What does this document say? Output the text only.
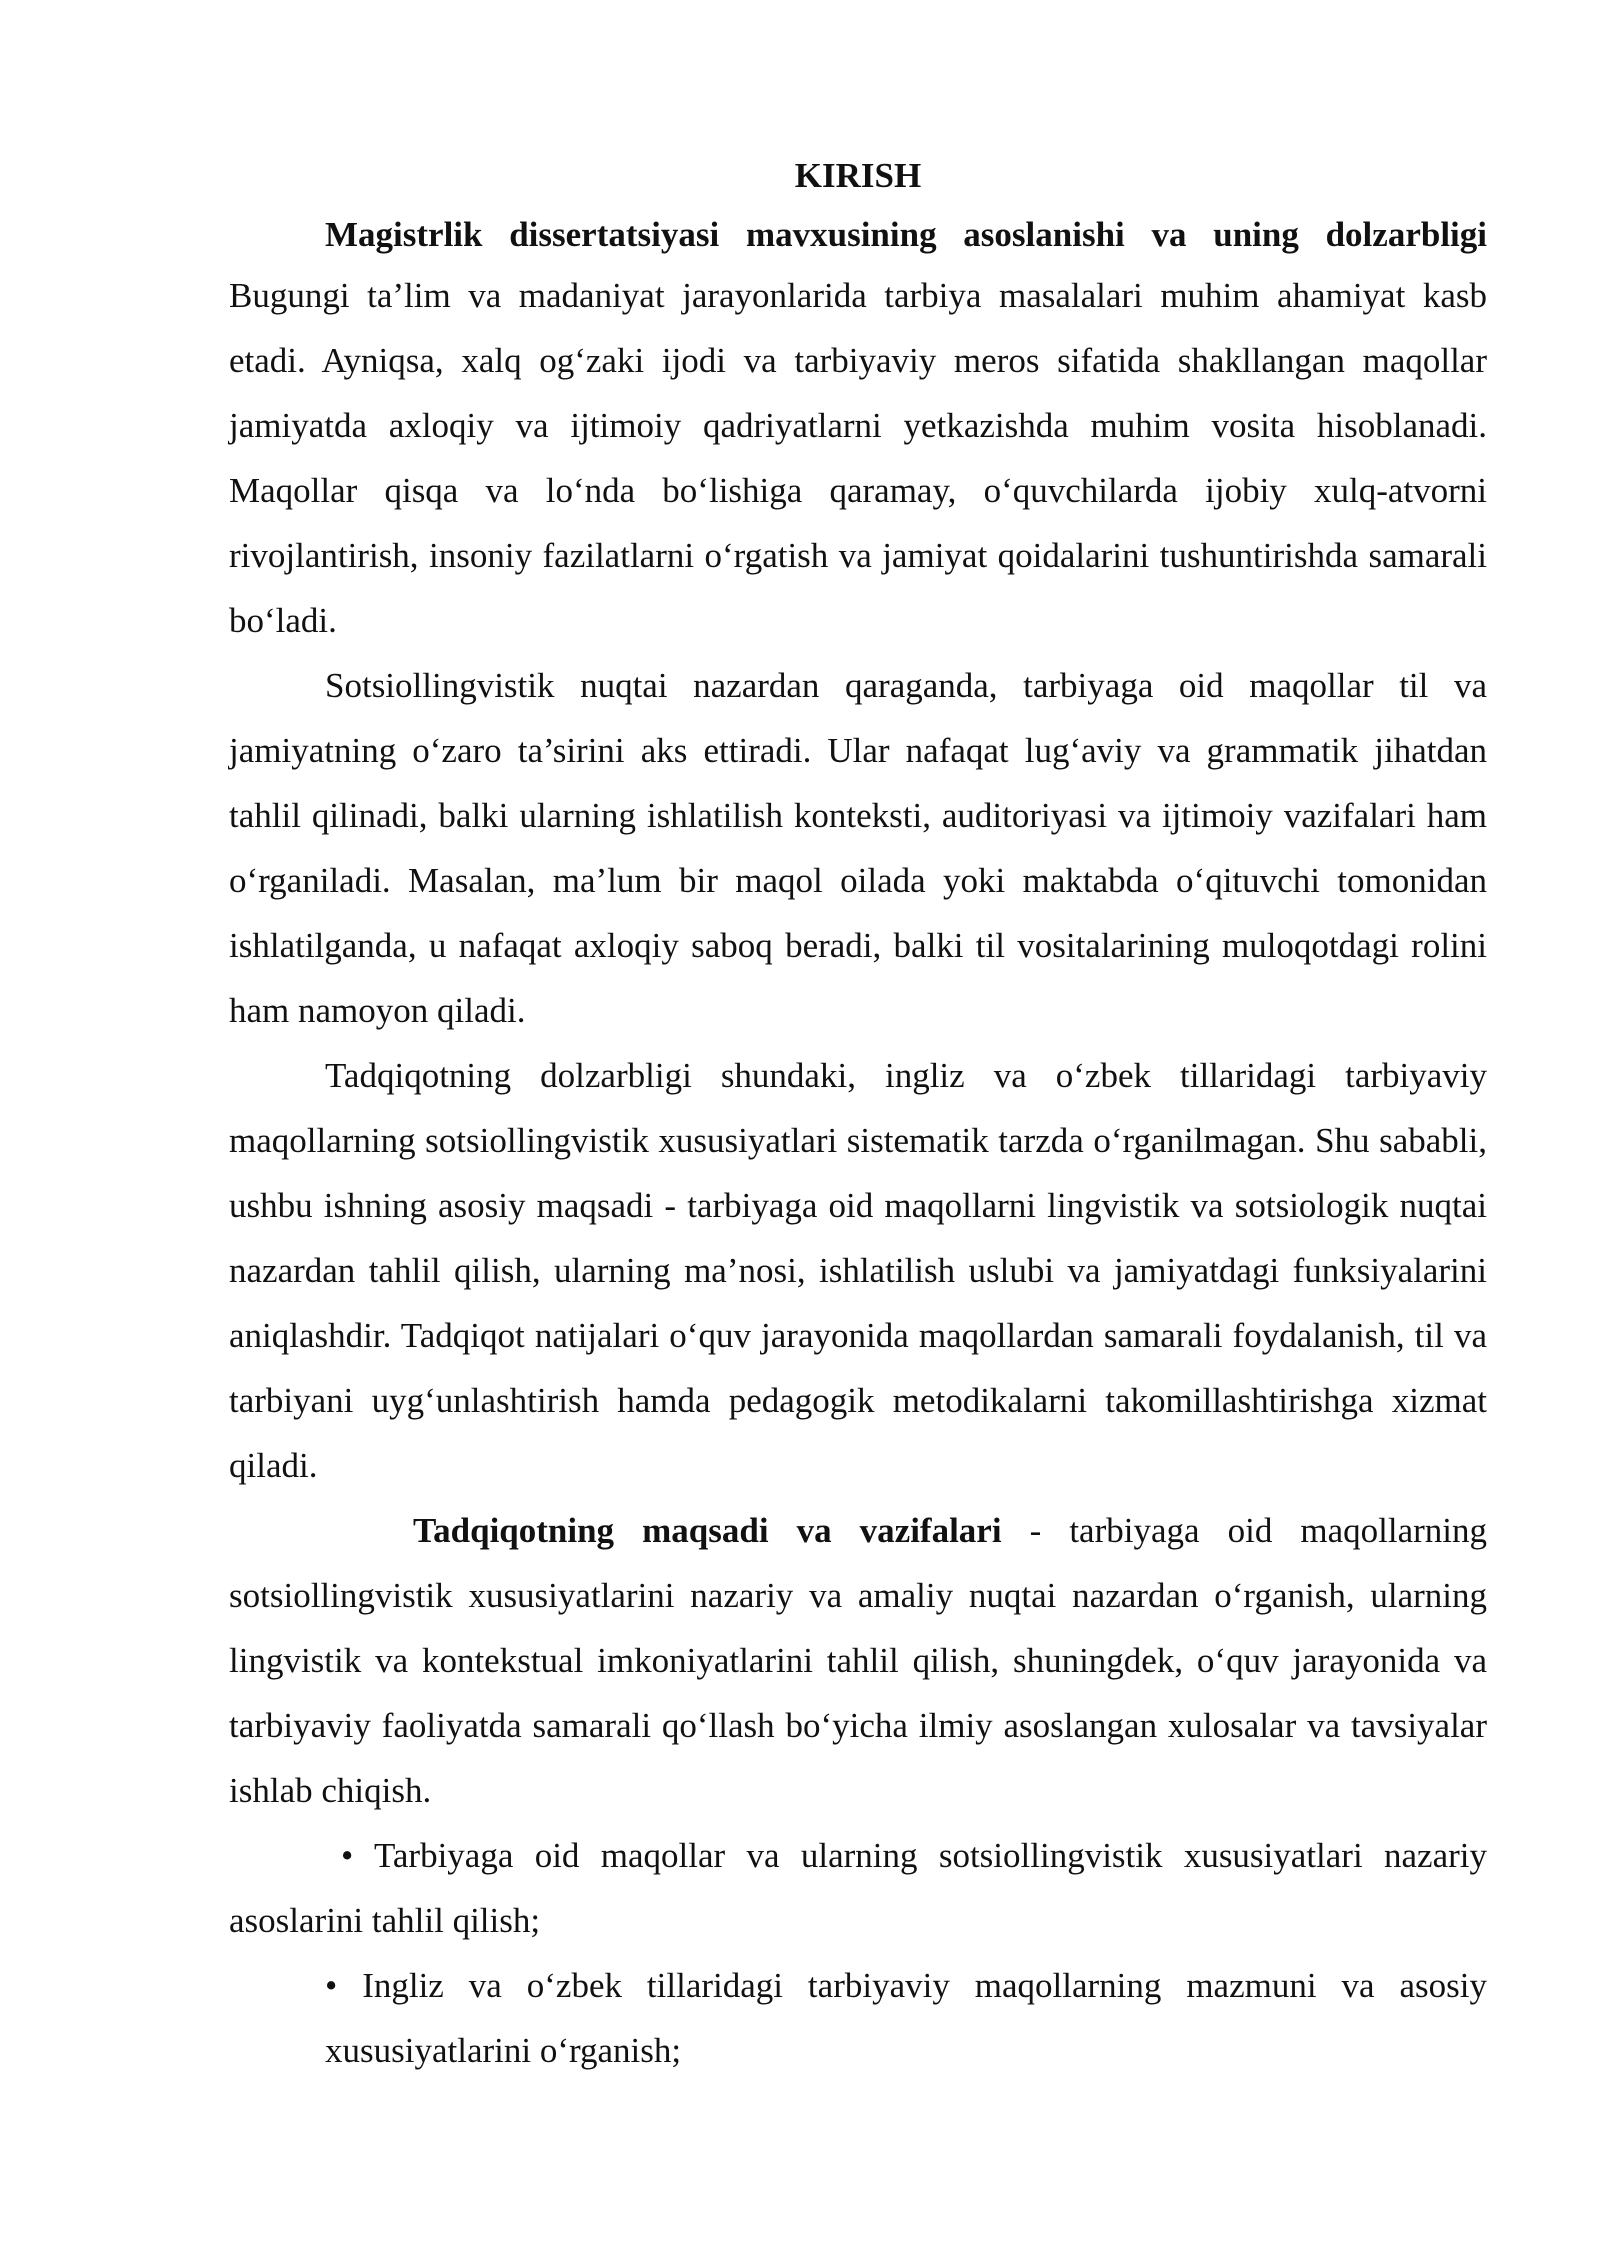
KIRISH

Magistrlik dissertatsiyasi mavxusining asoslanishi va uning dolzarbligi

Bugungi ta’lim va madaniyat jarayonlarida tarbiya masalalari muhim ahamiyat kasb etadi. Ayniqsa, xalq og‘zaki ijodi va tarbiyaviy meros sifatida shakllangan maqollar jamiyatda axloqiy va ijtimoiy qadriyatlarni yetkazishda muhim vosita hisoblanadi. Maqollar qisqa va lo‘nda bo‘lishiga qaramay, o‘quvchilarda ijobiy xulq-atvorni rivojlantirish, insoniy fazilatlarni o‘rgatish va jamiyat qoidalarini tushuntirishda samarali bo‘ladi.

Sotsiollingvistik nuqtai nazardan qaraganda, tarbiyaga oid maqollar til va jamiyatning o‘zaro ta’sirini aks ettiradi. Ular nafaqat lug‘aviy va grammatik jihatdan tahlil qilinadi, balki ularning ishlatilish konteksti, auditoriyasi va ijtimoiy vazifalari ham o‘rganiladi. Masalan, ma’lum bir maqol oilada yoki maktabda o‘qituvchi tomonidan ishlatilganda, u nafaqat axloqiy saboq beradi, balki til vositalarining muloqotdagi rolini ham namoyon qiladi.

Tadqiqotning dolzarbligi shundaki, ingliz va o‘zbek tillaridagi tarbiyaviy maqollarning sotsiollingvistik xususiyatlari sistematik tarzda o‘rganilmagan. Shu sababli, ushbu ishning asosiy maqsadi - tarbiyaga oid maqollarni lingvistik va sotsiologik nuqtai nazardan tahlil qilish, ularning ma’nosi, ishlatilish uslubi va jamiyatdagi funksiyalarini aniqlashdir. Tadqiqot natijalari o‘quv jarayonida maqollardan samarali foydalanish, til va tarbiyani uyg‘unlashtirish hamda pedagogik metodikalarni takomillashtirishga xizmat qiladi.

Tadqiqotning maqsadi va vazifalari - tarbiyaga oid maqollarning sotsiollingvistik xususiyatlarini nazariy va amaliy nuqtai nazardan o‘rganish, ularning lingvistik va kontekstual imkoniyatlarini tahlil qilish, shuningdek, o‘quv jarayonida va tarbiyaviy faoliyatda samarali qo‘llash bo‘yicha ilmiy asoslangan xulosalar va tavsiyalar ishlab chiqish.

• Tarbiyaga oid maqollar va ularning sotsiollingvistik xususiyatlari nazariy asoslarini tahlil qilish;

• Ingliz va o‘zbek tillaridagi tarbiyaviy maqollarning mazmuni va asosiy xususiyatlarini o‘rganish;
